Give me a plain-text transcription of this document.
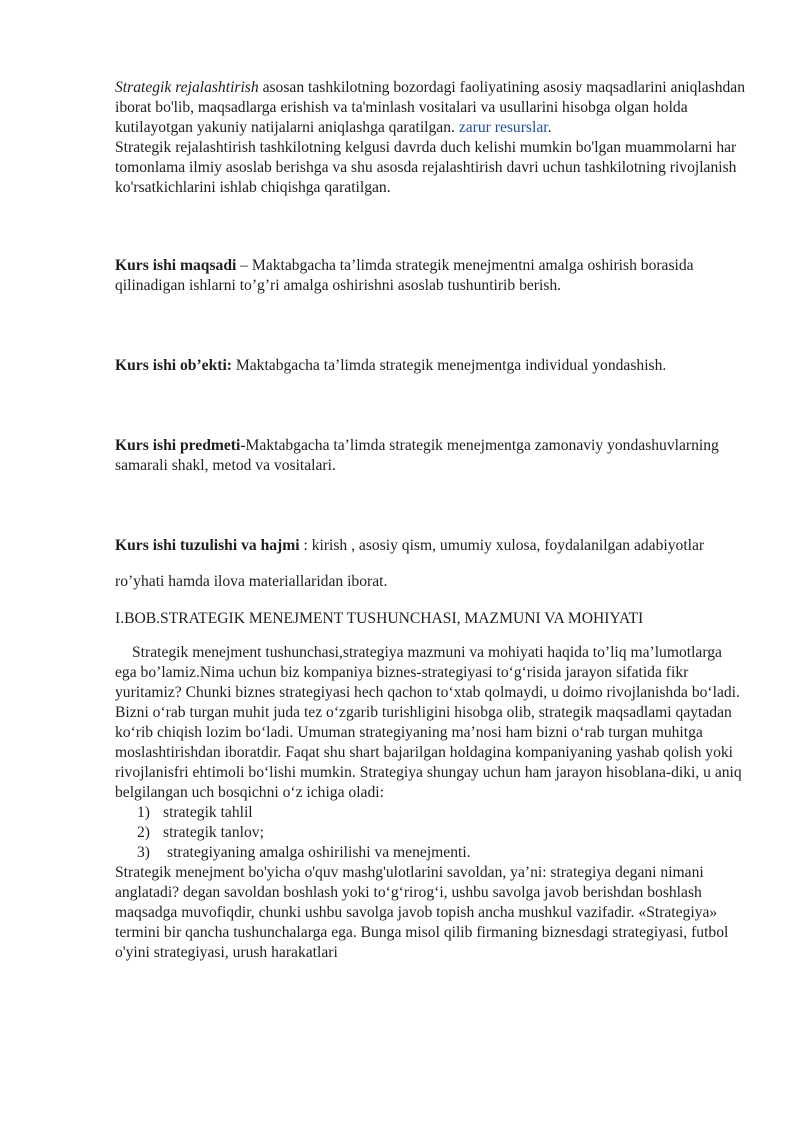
Strategik rejalashtirish asosan tashkilotning bozordagi faoliyatining asosiy maqsadlarini aniqlashdan iborat bo'lib, maqsadlarga erishish va ta'minlash vositalari va usullarini hisobga olgan holda kutilayotgan yakuniy natijalarni aniqlashga qaratilgan. zarur resurslar.

Strategik rejalashtirish tashkilotning kelgusi davrda duch kelishi mumkin bo'lgan muammolarni har tomonlama ilmiy asoslab berishga va shu asosda rejalashtirish davri uchun tashkilotning rivojlanish ko'rsatkichlarini ishlab chiqishga qaratilgan.

Kurs ishi maqsadi – Maktabgacha ta’limda strategik menejmentni amalga oshirish borasida qilinadigan ishlarni to’g’ri amalga oshirishni asoslab tushuntirib berish.

Kurs ishi ob’ekti: Maktabgacha ta’limda strategik menejmentga individual yondashish.

Kurs ishi predmeti-Maktabgacha ta’limda strategik menejmentga zamonaviy yondashuvlarning samarali shakl, metod va vositalari.

Kurs ishi tuzulishi va hajmi : kirish , asosiy qism, umumiy xulosa, foydalanilgan adabiyotlar

ro’yhati hamda ilova materiallaridan iborat.

I.BOB.STRATEGIK MENEJMENT TUSHUNCHASI, MAZMUNI VA MOHIYATI

Strategik menejment tushunchasi,strategiya mazmuni va mohiyati haqida to’liq ma’lumotlarga ega bo’lamiz.Nima uchun biz kompaniya biznes-strategiyasi to‘g‘risida jarayon sifatida fikr yuritamiz? Chunki biznes strategiyasi hech qachon to‘xtab qolmaydi, u doimo rivojlanishda bo‘ladi. Bizni o‘rab turgan muhit juda tez o‘zgarib turishligini hisobga olib, strategik maqsadlami qaytadan ko‘rib chiqish lozim bo‘ladi. Umuman strategiyaning ma’nosi ham bizni o‘rab turgan muhitga moslashtirishdan iboratdir. Faqat shu shart bajarilgan holdagina kompaniyaning yashab qolish yoki rivojlanisfri ehtimoli bo‘lishi mumkin. Strategiya shungay uchun ham jarayon hisoblana-diki, u aniq belgilangan uch bosqichni o‘z ichiga oladi:

1) strategik tahlil
2) strategik tanlov;
3)	strategiyaning amalga oshirilishi va menejmenti.

Strategik menejment bo'yicha o'quv mashg'ulotlarini savoldan, ya’ni: strategiya degani nimani anglatadi? degan savoldan boshlash yoki to‘g‘rirog‘i, ushbu savolga javob berishdan boshlash maqsadga muvofiqdir, chunki ushbu savolga javob topish ancha mushkul vazifadir. «Strategiya» termini bir qancha tushunchalarga ega. Bunga misol qilib firmaning biznesdagi strategiyasi, futbol o'yini strategiyasi, urush harakatlari
